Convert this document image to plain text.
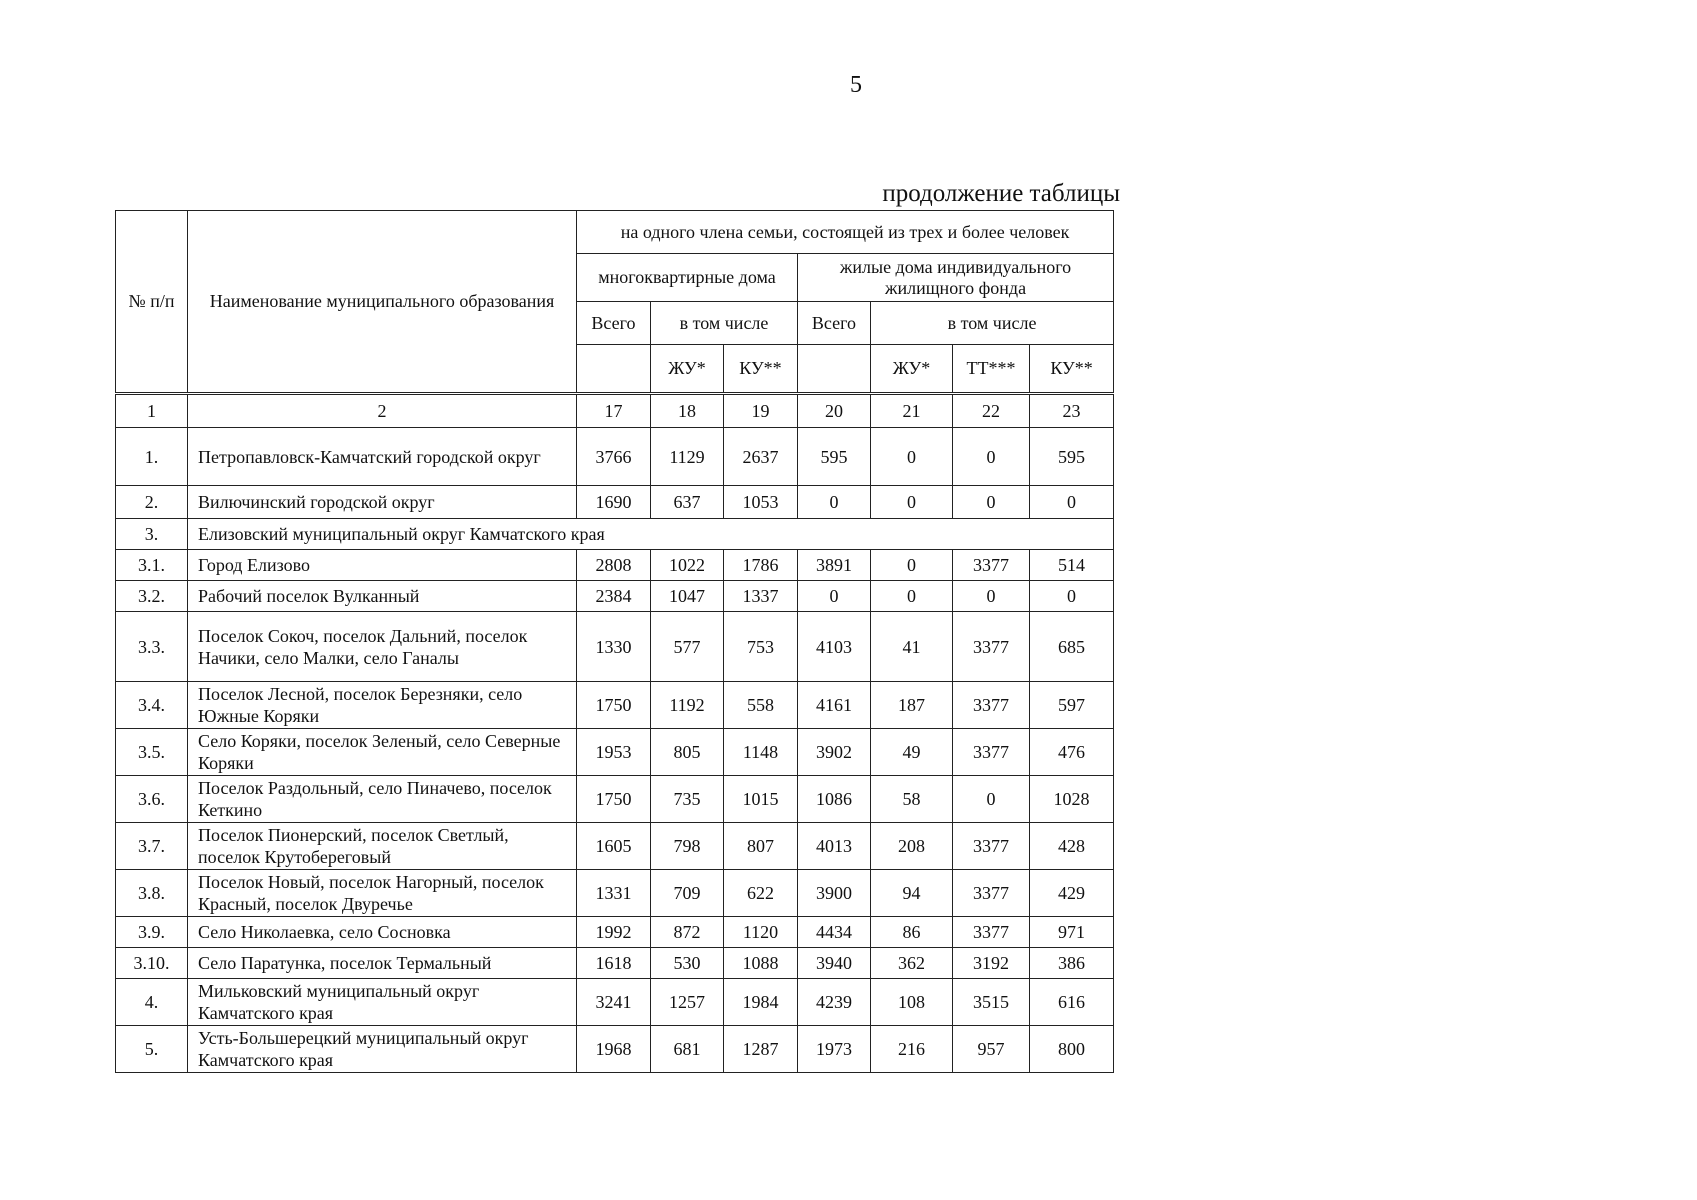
5
продолжение таблицы
№ п/п	Наименование муниципального образования	на одного члена семьи, состоящей из трех и более человек						
		многоквартирные дома			жилые дома индивидуального жилищного фонда			
		Всего	в том числе		Всего	в том числе		
			ЖУ*	КУ**		ЖУ*	ТТ***	КУ**
1	2	17	18	19	20	21	22	23
1.	Петропавловск-Камчатский городской округ	3766	1129	2637	595	0	0	595
2.	Вилючинский городской округ	1690	637	1053	0	0	0	0
3.	Елизовский муниципальный округ Камчатского края							
3.1.	Город Елизово	2808	1022	1786	3891	0	3377	514
3.2.	Рабочий поселок Вулканный	2384	1047	1337	0	0	0	0
3.3.	Поселок Сокоч, поселок Дальний, поселок Начики, село Малки, село Ганалы	1330	577	753	4103	41	3377	685
3.4.	Поселок Лесной, поселок Березняки, село Южные Коряки	1750	1192	558	4161	187	3377	597
3.5.	Село Коряки, поселок Зеленый, село Северные Коряки	1953	805	1148	3902	49	3377	476
3.6.	Поселок Раздольный, село Пиначево, поселок Кеткино	1750	735	1015	1086	58	0	1028
3.7.	Поселок Пионерский, поселок Светлый, поселок Крутобереговый	1605	798	807	4013	208	3377	428
3.8.	Поселок Новый, поселок Нагорный, поселок Красный, поселок Двуречье	1331	709	622	3900	94	3377	429
3.9.	Село Николаевка, село Сосновка	1992	872	1120	4434	86	3377	971
3.10.	Село Паратунка, поселок Термальный	1618	530	1088	3940	362	3192	386
4.	Мильковский муниципальный округ Камчатского края	3241	1257	1984	4239	108	3515	616
5.	Усть-Большерецкий муниципальный округ Камчатского края	1968	681	1287	1973	216	957	800
